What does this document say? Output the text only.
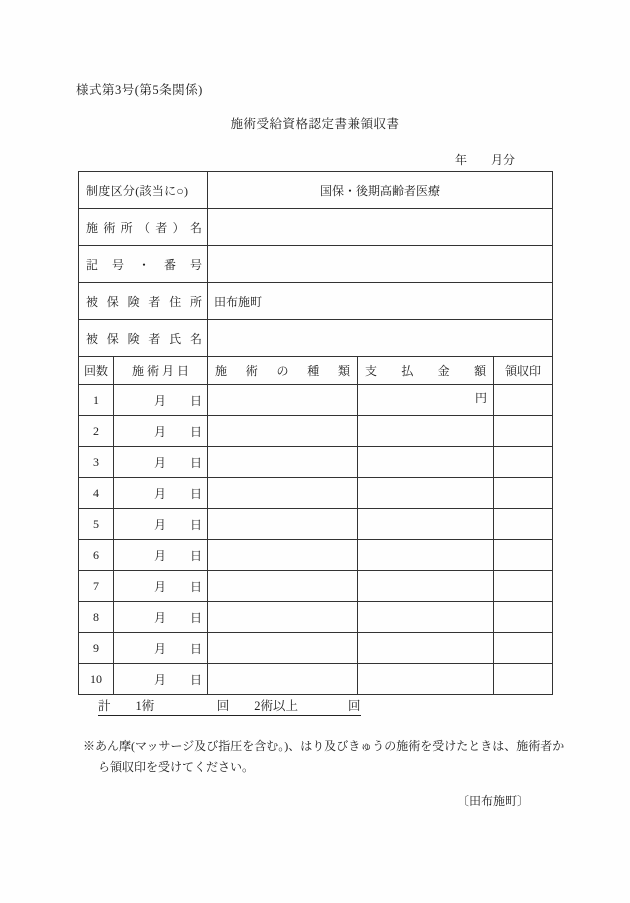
様式第3号(第5条関係)
施術受給資格認定書兼領収書
年　　月分
制度区分(該当に○)		国保・後期高齢者医療		
施 術 所 （ 者 ） 名				
記 号 ・ 番 号				
被 保 険 者 住 所		田布施町		
被 保 険 者 氏 名				
回数	施 術 月 日	施 術 の 種 類	支 払 金 額	領収印
1	月　　日		円	
2	月　　日			
3	月　　日			
4	月　　日			
5	月　　日			
6	月　　日			
7	月　　日			
8	月　　日			
9	月　　日			
10	月　　日			
計　　1術　　　　　回　　2術以上　　　　回
※あん摩(マッサージ及び指圧を含む。)、はり及びきゅうの施術を受けたときは、施術者から領収印を受けてください。
〔田布施町〕
